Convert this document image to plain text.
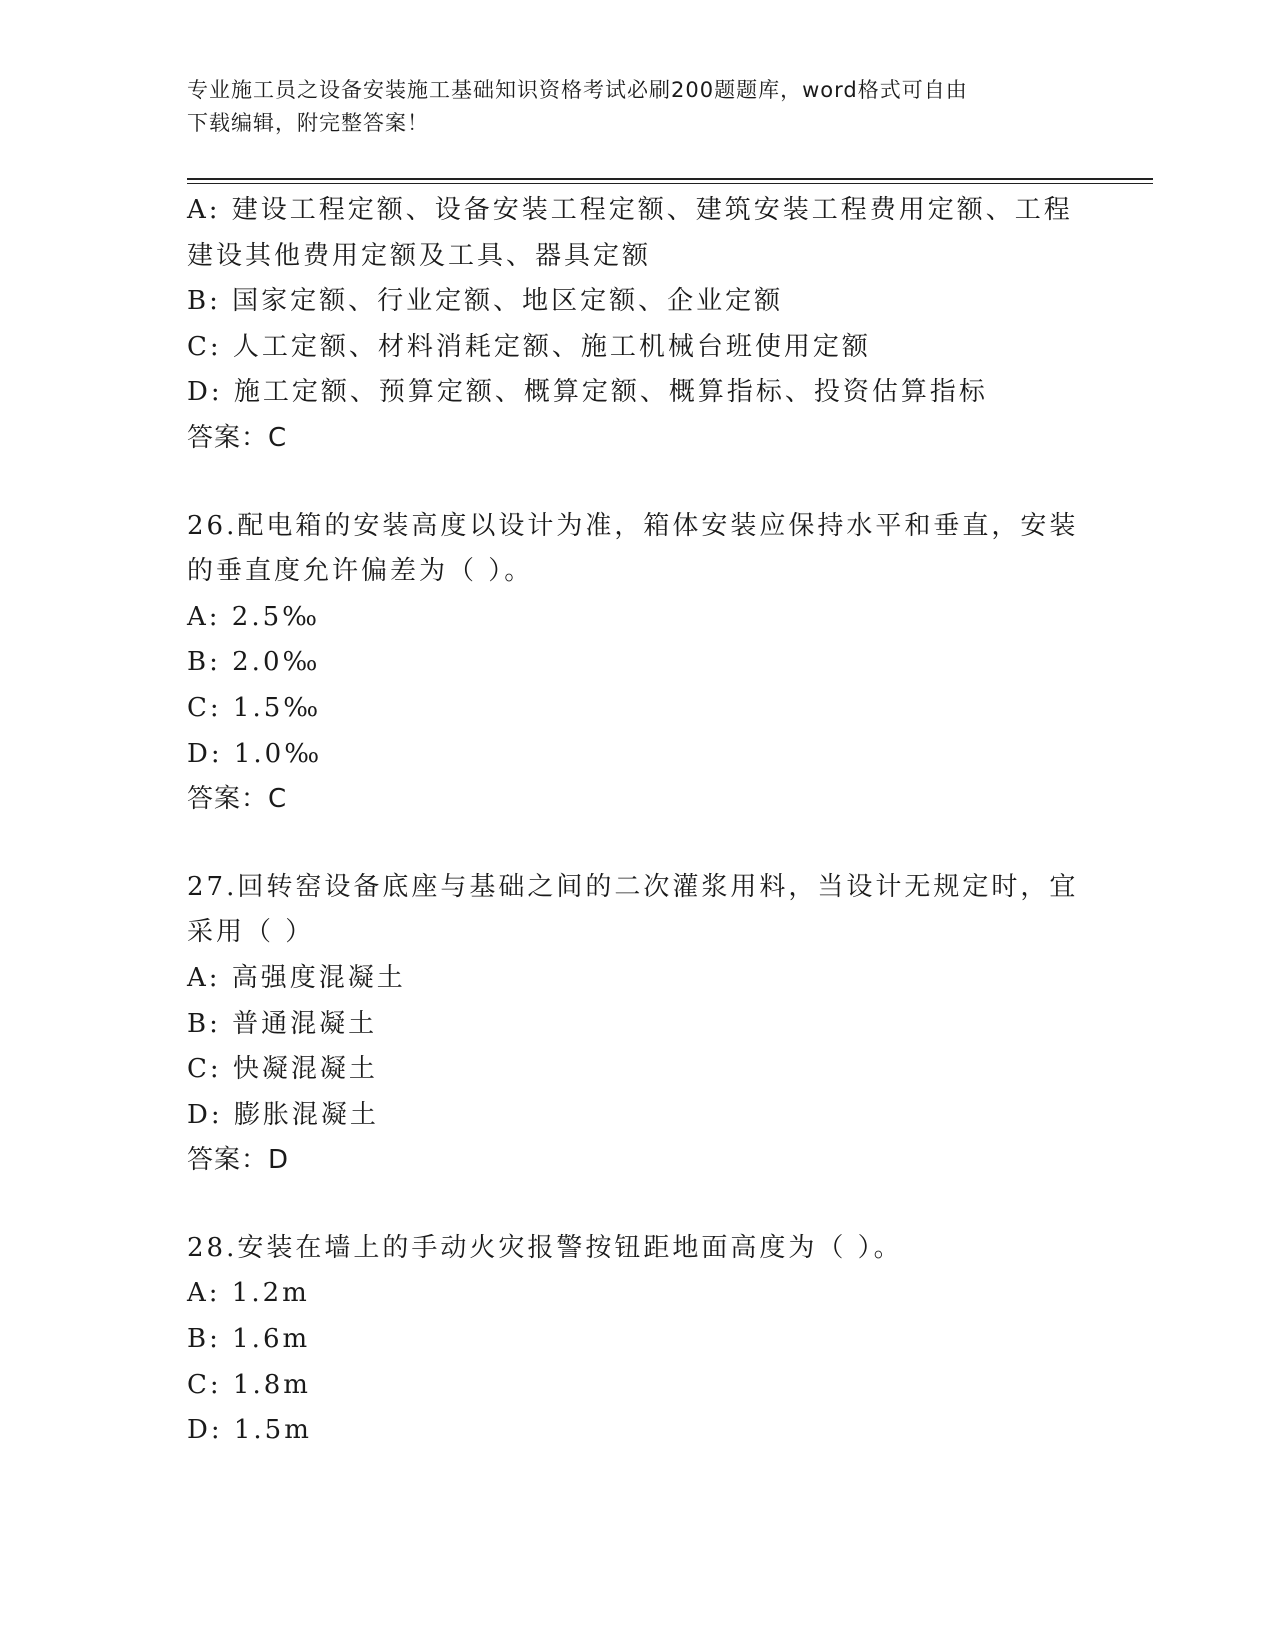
专业施工员之设备安装施工基础知识资格考试必刷200题题库，word格式可自由
下载编辑，附完整答案！
A: 建设工程定额、设备安装工程定额、建筑安装工程费用定额、工程
建设其他费用定额及工具、器具定额
B: 国家定额、行业定额、地区定额、企业定额
C: 人工定额、材料消耗定额、施工机械台班使用定额
D: 施工定额、预算定额、概算定额、概算指标、投资估算指标
答案：C
26.配电箱的安装高度以设计为准，箱体安装应保持水平和垂直，安装
的垂直度允许偏差为（ ）。
A: 2.5‰
B: 2.0‰
C: 1.5‰
D: 1.0‰
答案：C
27.回转窑设备底座与基础之间的二次灌浆用料，当设计无规定时，宜
采用（ ）
A: 高强度混凝土
B: 普通混凝土
C: 快凝混凝土
D: 膨胀混凝土
答案：D
28.安装在墙上的手动火灾报警按钮距地面高度为（ ）。
A: 1.2m
B: 1.6m
C: 1.8m
D: 1.5m
